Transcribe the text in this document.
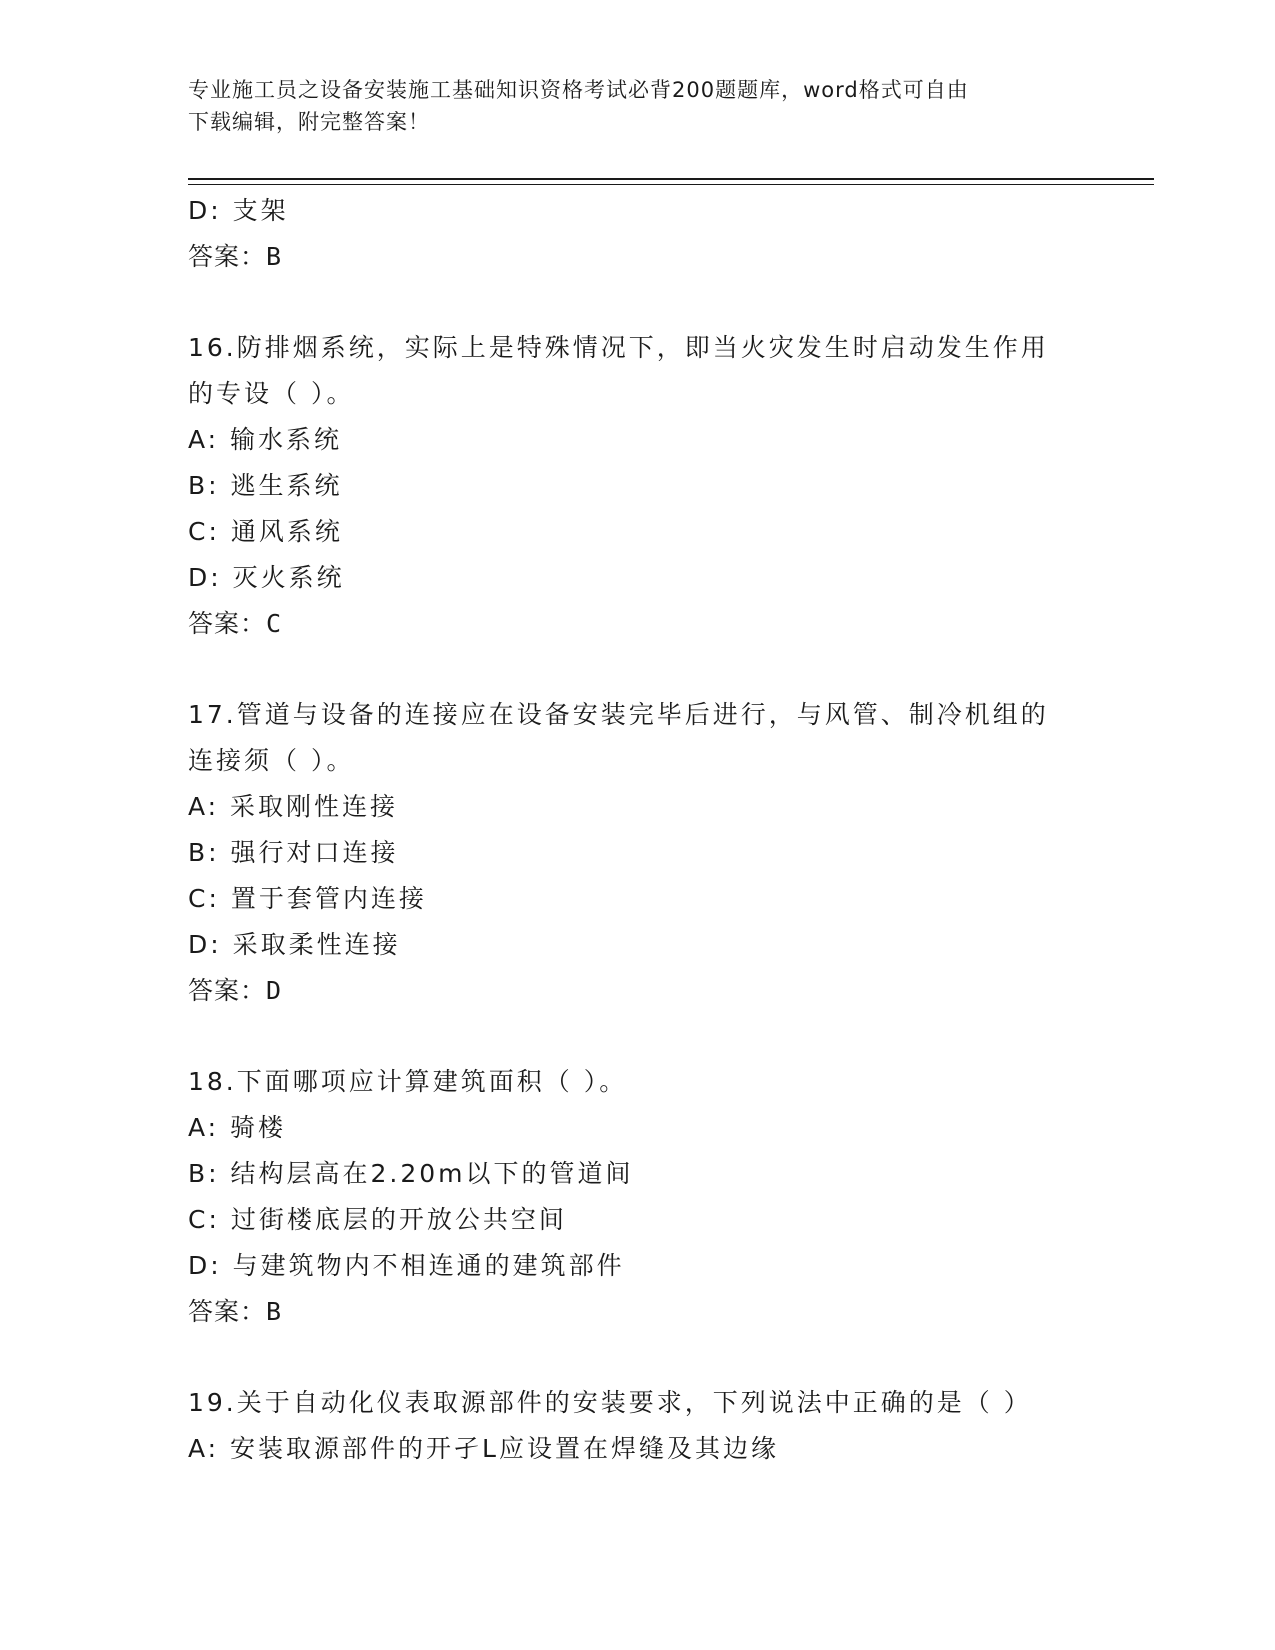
专业施工员之设备安装施工基础知识资格考试必背200题题库，word格式可自由
下载编辑，附完整答案！
D: 支架
答案：B
16.防排烟系统，实际上是特殊情况下，即当火灾发生时启动发生作用
的专设（ ）。
A: 输水系统
B: 逃生系统
C: 通风系统
D: 灭火系统
答案：C
17.管道与设备的连接应在设备安装完毕后进行，与风管、制冷机组的
连接须（ ）。
A: 采取刚性连接
B: 强行对口连接
C: 置于套管内连接
D: 采取柔性连接
答案：D
18.下面哪项应计算建筑面积（ ）。
A: 骑楼
B: 结构层高在2.20m以下的管道间
C: 过街楼底层的开放公共空间
D: 与建筑物内不相连通的建筑部件
答案：B
19.关于自动化仪表取源部件的安装要求，下列说法中正确的是（ ）
A: 安装取源部件的开孑L应设置在焊缝及其边缘
